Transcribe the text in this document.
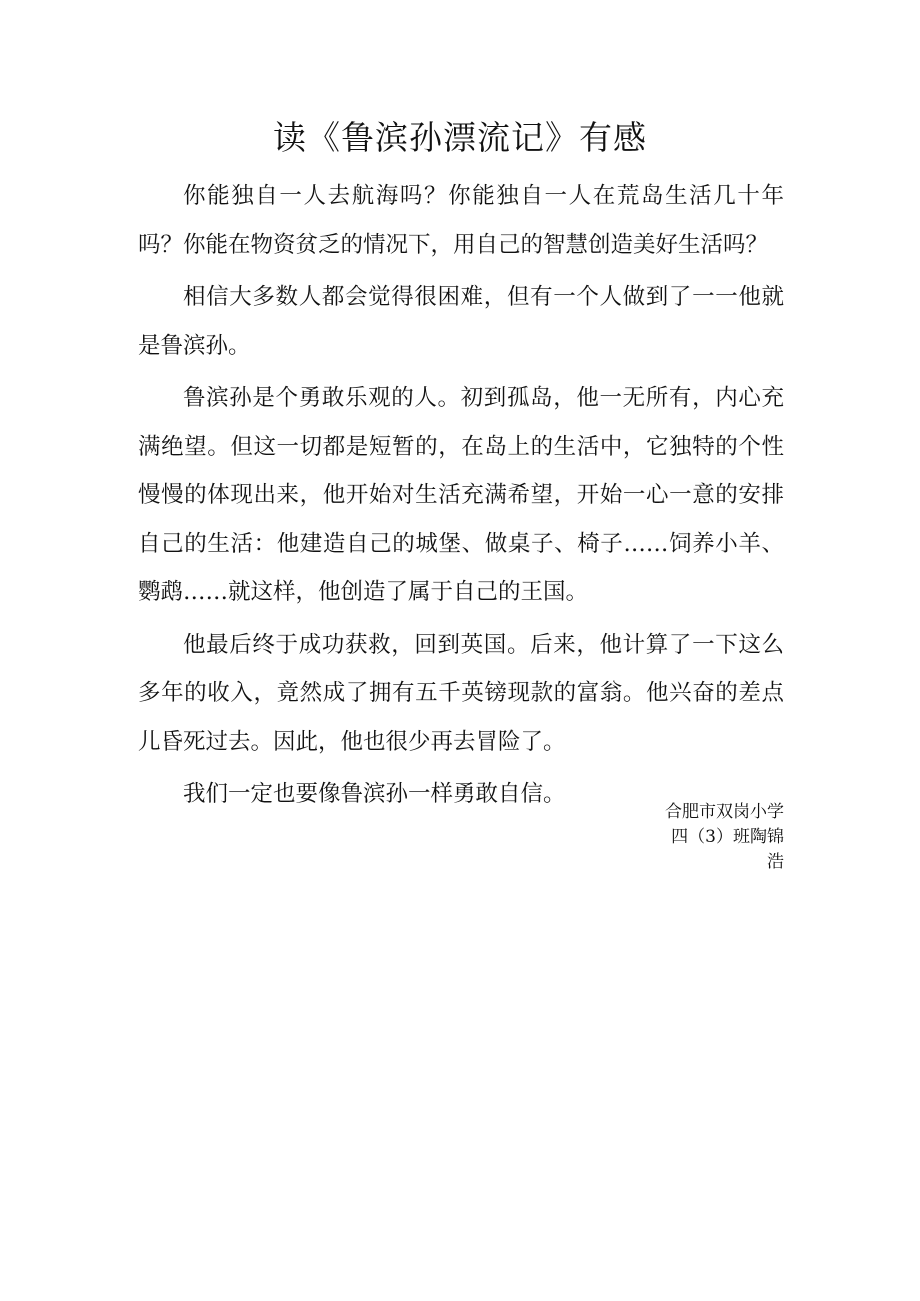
读《鲁滨孙漂流记》有感

你能独自一人去航海吗？你能独自一人在荒岛生活几十年吗？你能在物资贫乏的情况下，用自己的智慧创造美好生活吗？

相信大多数人都会觉得很困难，但有一个人做到了一一他就是鲁滨孙。

鲁滨孙是个勇敢乐观的人。初到孤岛，他一无所有，内心充满绝望。但这一切都是短暂的，在岛上的生活中，它独特的个性慢慢的体现出来，他开始对生活充满希望，开始一心一意的安排自己的生活：他建造自己的城堡、做桌子、椅子……饲养小羊、鹦鹉……就这样，他创造了属于自己的王国。

他最后终于成功获救，回到英国。后来，他计算了一下这么多年的收入，竟然成了拥有五千英镑现款的富翁。他兴奋的差点儿昏死过去。因此，他也很少再去冒险了。

我们一定也要像鲁滨孙一样勇敢自信。

合肥市双岗小学
四（3）班陶锦
浩
